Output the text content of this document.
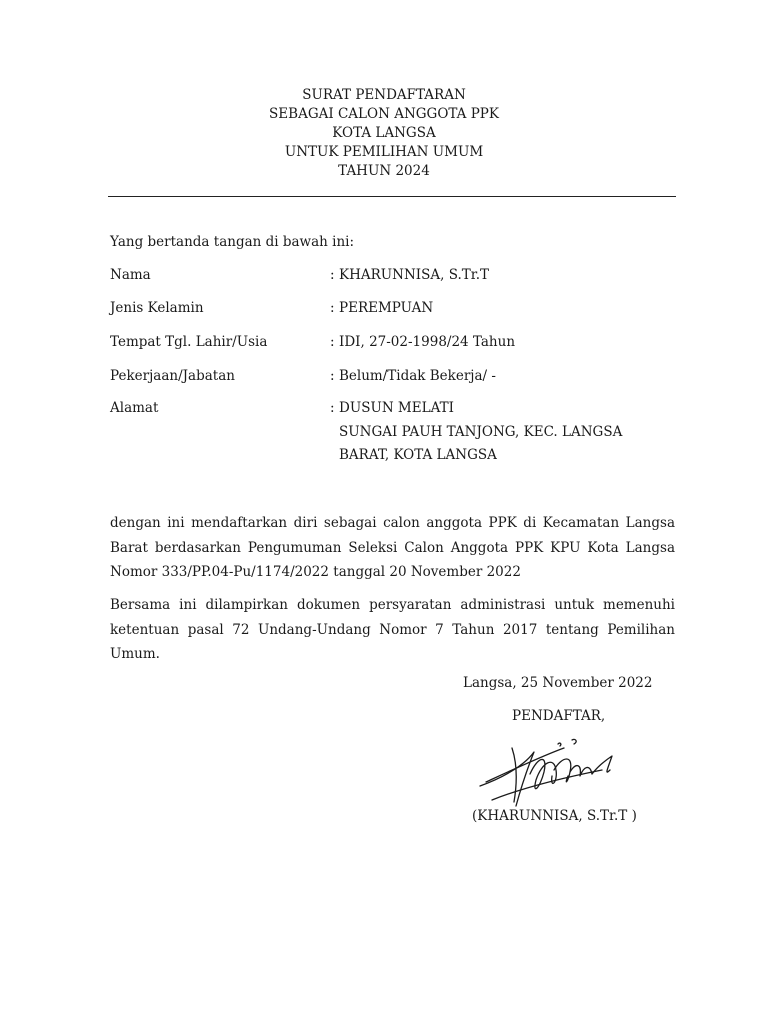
SURAT PENDAFTARAN
SEBAGAI CALON ANGGOTA PPK
KOTA LANGSA
UNTUK PEMILIHAN UMUM
TAHUN 2024
Yang bertanda tangan di bawah ini:
Nama	: KHARUNNISA, S.Tr.T
Jenis Kelamin	: PEREMPUAN
Tempat Tgl. Lahir/Usia	: IDI, 27-02-1998/24 Tahun
Pekerjaan/Jabatan	: Belum/Tidak Bekerja/ -
Alamat	: DUSUN MELATI
SUNGAI PAUH TANJONG, KEC. LANGSA
BARAT, KOTA LANGSA
dengan ini mendaftarkan diri sebagai calon anggota PPK di Kecamatan Langsa Barat berdasarkan Pengumuman Seleksi Calon Anggota PPK KPU Kota Langsa Nomor 333/PP.04-Pu/1174/2022 tanggal 20 November 2022
Bersama ini dilampirkan dokumen persyaratan administrasi untuk memenuhi ketentuan pasal 72 Undang-Undang Nomor 7 Tahun 2017 tentang Pemilihan Umum.
Langsa, 25 November 2022
PENDAFTAR,
(KHARUNNISA, S.Tr.T )
